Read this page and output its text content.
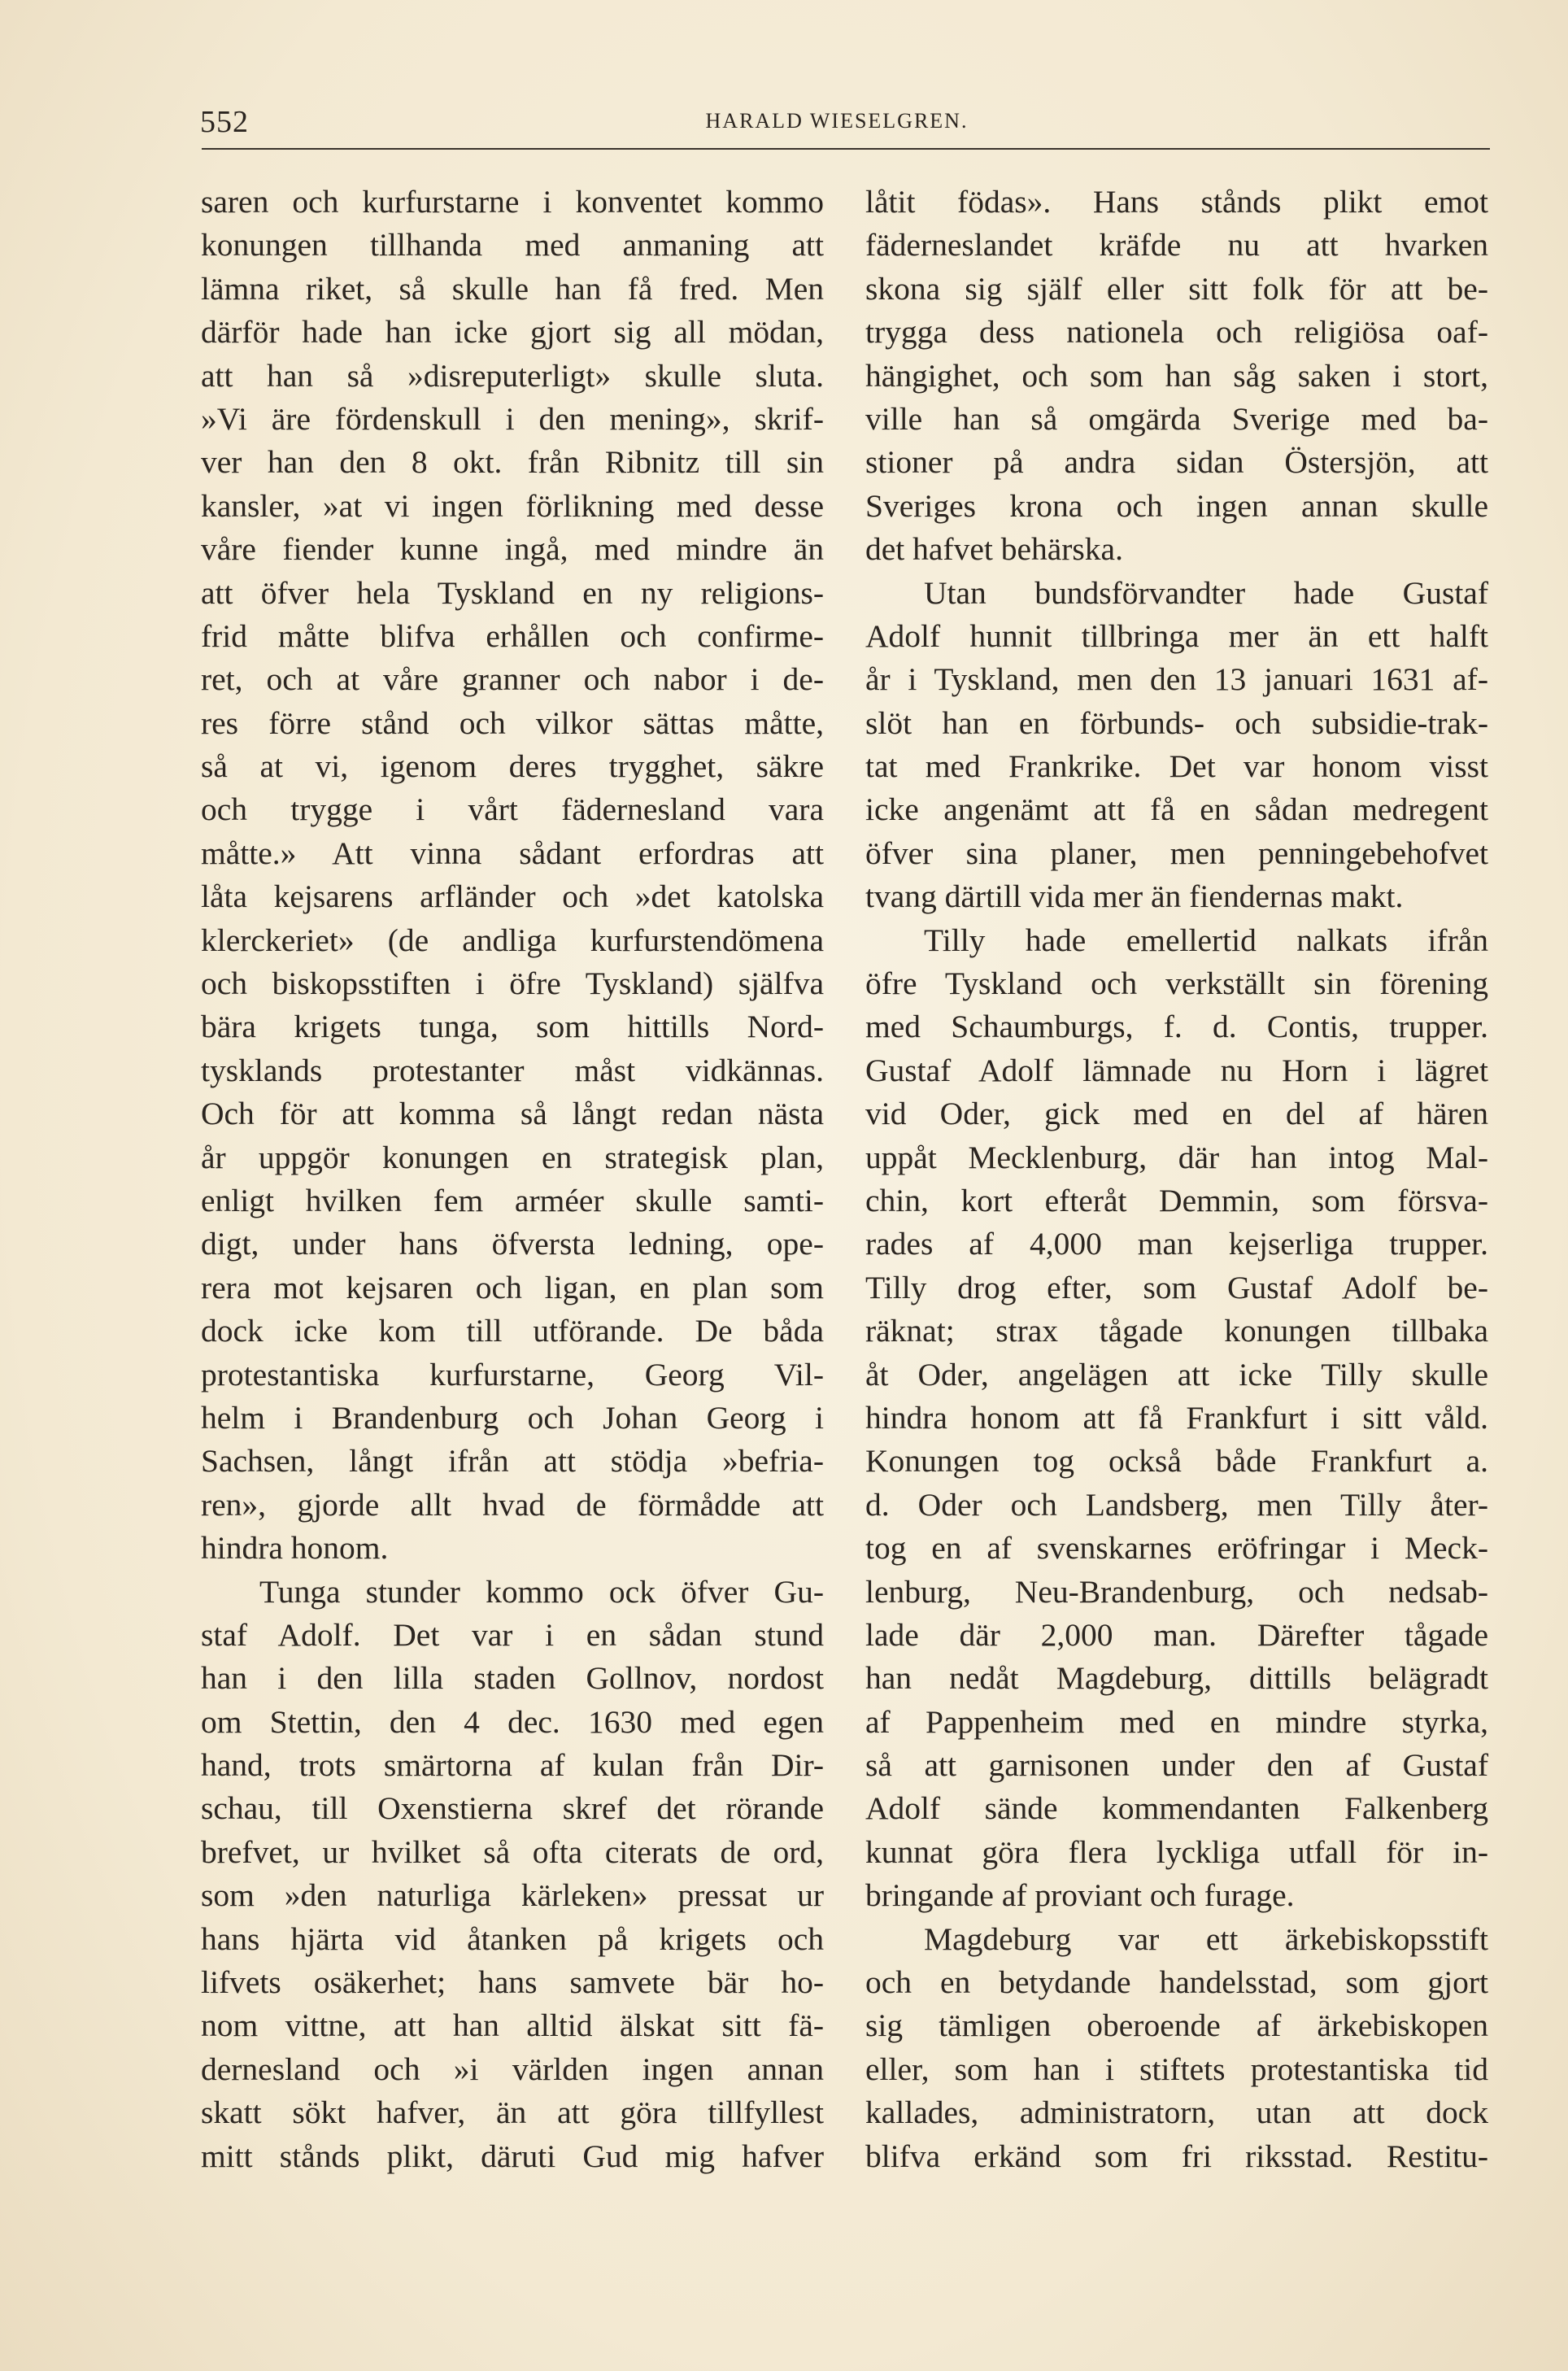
552	HARALD WIESELGREN.
saren och kurfurstarne i konventet kommo
konungen tillhanda med anmaning att
lämna riket, så skulle han få fred. Men
därför hade han icke gjort sig all mödan,
att han så »disreputerligt» skulle sluta.
»Vi äre fördenskull i den mening», skrif-
ver han den 8 okt. från Ribnitz till sin
kansler, »at vi ingen förlikning med desse
våre fiender kunne ingå, med mindre än
att öfver hela Tyskland en ny religions-
frid måtte blifva erhållen och confirme-
ret, och at våre granner och nabor i de-
res förre stånd och vilkor sättas måtte,
så at vi, igenom deres trygghet, säkre
och trygge i vårt fädernesland vara
måtte.» Att vinna sådant erfordras att
låta kejsarens arfländer och »det katolska
klerckeriet» (de andliga kurfurstendömena
och biskopsstiften i öfre Tyskland) själfva
bära krigets tunga, som hittills Nord-
tysklands protestanter måst vidkännas.
Och för att komma så långt redan nästa
år uppgör konungen en strategisk plan,
enligt hvilken fem arméer skulle samti-
digt, under hans öfversta ledning, ope-
rera mot kejsaren och ligan, en plan som
dock icke kom till utförande. De båda
protestantiska kurfurstarne, Georg Vil-
helm i Brandenburg och Johan Georg i
Sachsen, långt ifrån att stödja »befria-
ren», gjorde allt hvad de förmådde att
hindra honom.
Tunga stunder kommo ock öfver Gu-
staf Adolf. Det var i en sådan stund
han i den lilla staden Gollnov, nordost
om Stettin, den 4 dec. 1630 med egen
hand, trots smärtorna af kulan från Dir-
schau, till Oxenstierna skref det rörande
brefvet, ur hvilket så ofta citerats de ord,
som »den naturliga kärleken» pressat ur
hans hjärta vid åtanken på krigets och
lifvets osäkerhet; hans samvete bär ho-
nom vittne, att han alltid älskat sitt fä-
dernesland och »i världen ingen annan
skatt sökt hafver, än att göra tillfyllest
mitt stånds plikt, däruti Gud mig hafver
låtit födas». Hans stånds plikt emot
fäderneslandet kräfde nu att hvarken
skona sig själf eller sitt folk för att be-
trygga dess nationela och religiösa oaf-
hängighet, och som han såg saken i stort,
ville han så omgärda Sverige med ba-
stioner på andra sidan Östersjön, att
Sveriges krona och ingen annan skulle
det hafvet behärska.
Utan bundsförvandter hade Gustaf
Adolf hunnit tillbringa mer än ett halft
år i Tyskland, men den 13 januari 1631 af-
slöt han en förbunds- och subsidie-trak-
tat med Frankrike. Det var honom visst
icke angenämt att få en sådan medregent
öfver sina planer, men penningebehofvet
tvang därtill vida mer än fiendernas makt.
Tilly hade emellertid nalkats ifrån
öfre Tyskland och verkställt sin förening
med Schaumburgs, f. d. Contis, trupper.
Gustaf Adolf lämnade nu Horn i lägret
vid Oder, gick med en del af hären
uppåt Mecklenburg, där han intog Mal-
chin, kort efteråt Demmin, som försva-
rades af 4,000 man kejserliga trupper.
Tilly drog efter, som Gustaf Adolf be-
räknat; strax tågade konungen tillbaka
åt Oder, angelägen att icke Tilly skulle
hindra honom att få Frankfurt i sitt våld.
Konungen tog också både Frankfurt a.
d. Oder och Landsberg, men Tilly åter-
tog en af svenskarnes eröfringar i Meck-
lenburg, Neu-Brandenburg, och nedsab-
lade där 2,000 man. Därefter tågade
han nedåt Magdeburg, dittills belägradt
af Pappenheim med en mindre styrka,
så att garnisonen under den af Gustaf
Adolf sände kommendanten Falkenberg
kunnat göra flera lyckliga utfall för in-
bringande af proviant och furage.
Magdeburg var ett ärkebiskopsstift
och en betydande handelsstad, som gjort
sig tämligen oberoende af ärkebiskopen
eller, som han i stiftets protestantiska tid
kallades, administratorn, utan att dock
blifva erkänd som fri riksstad. Restitu-
